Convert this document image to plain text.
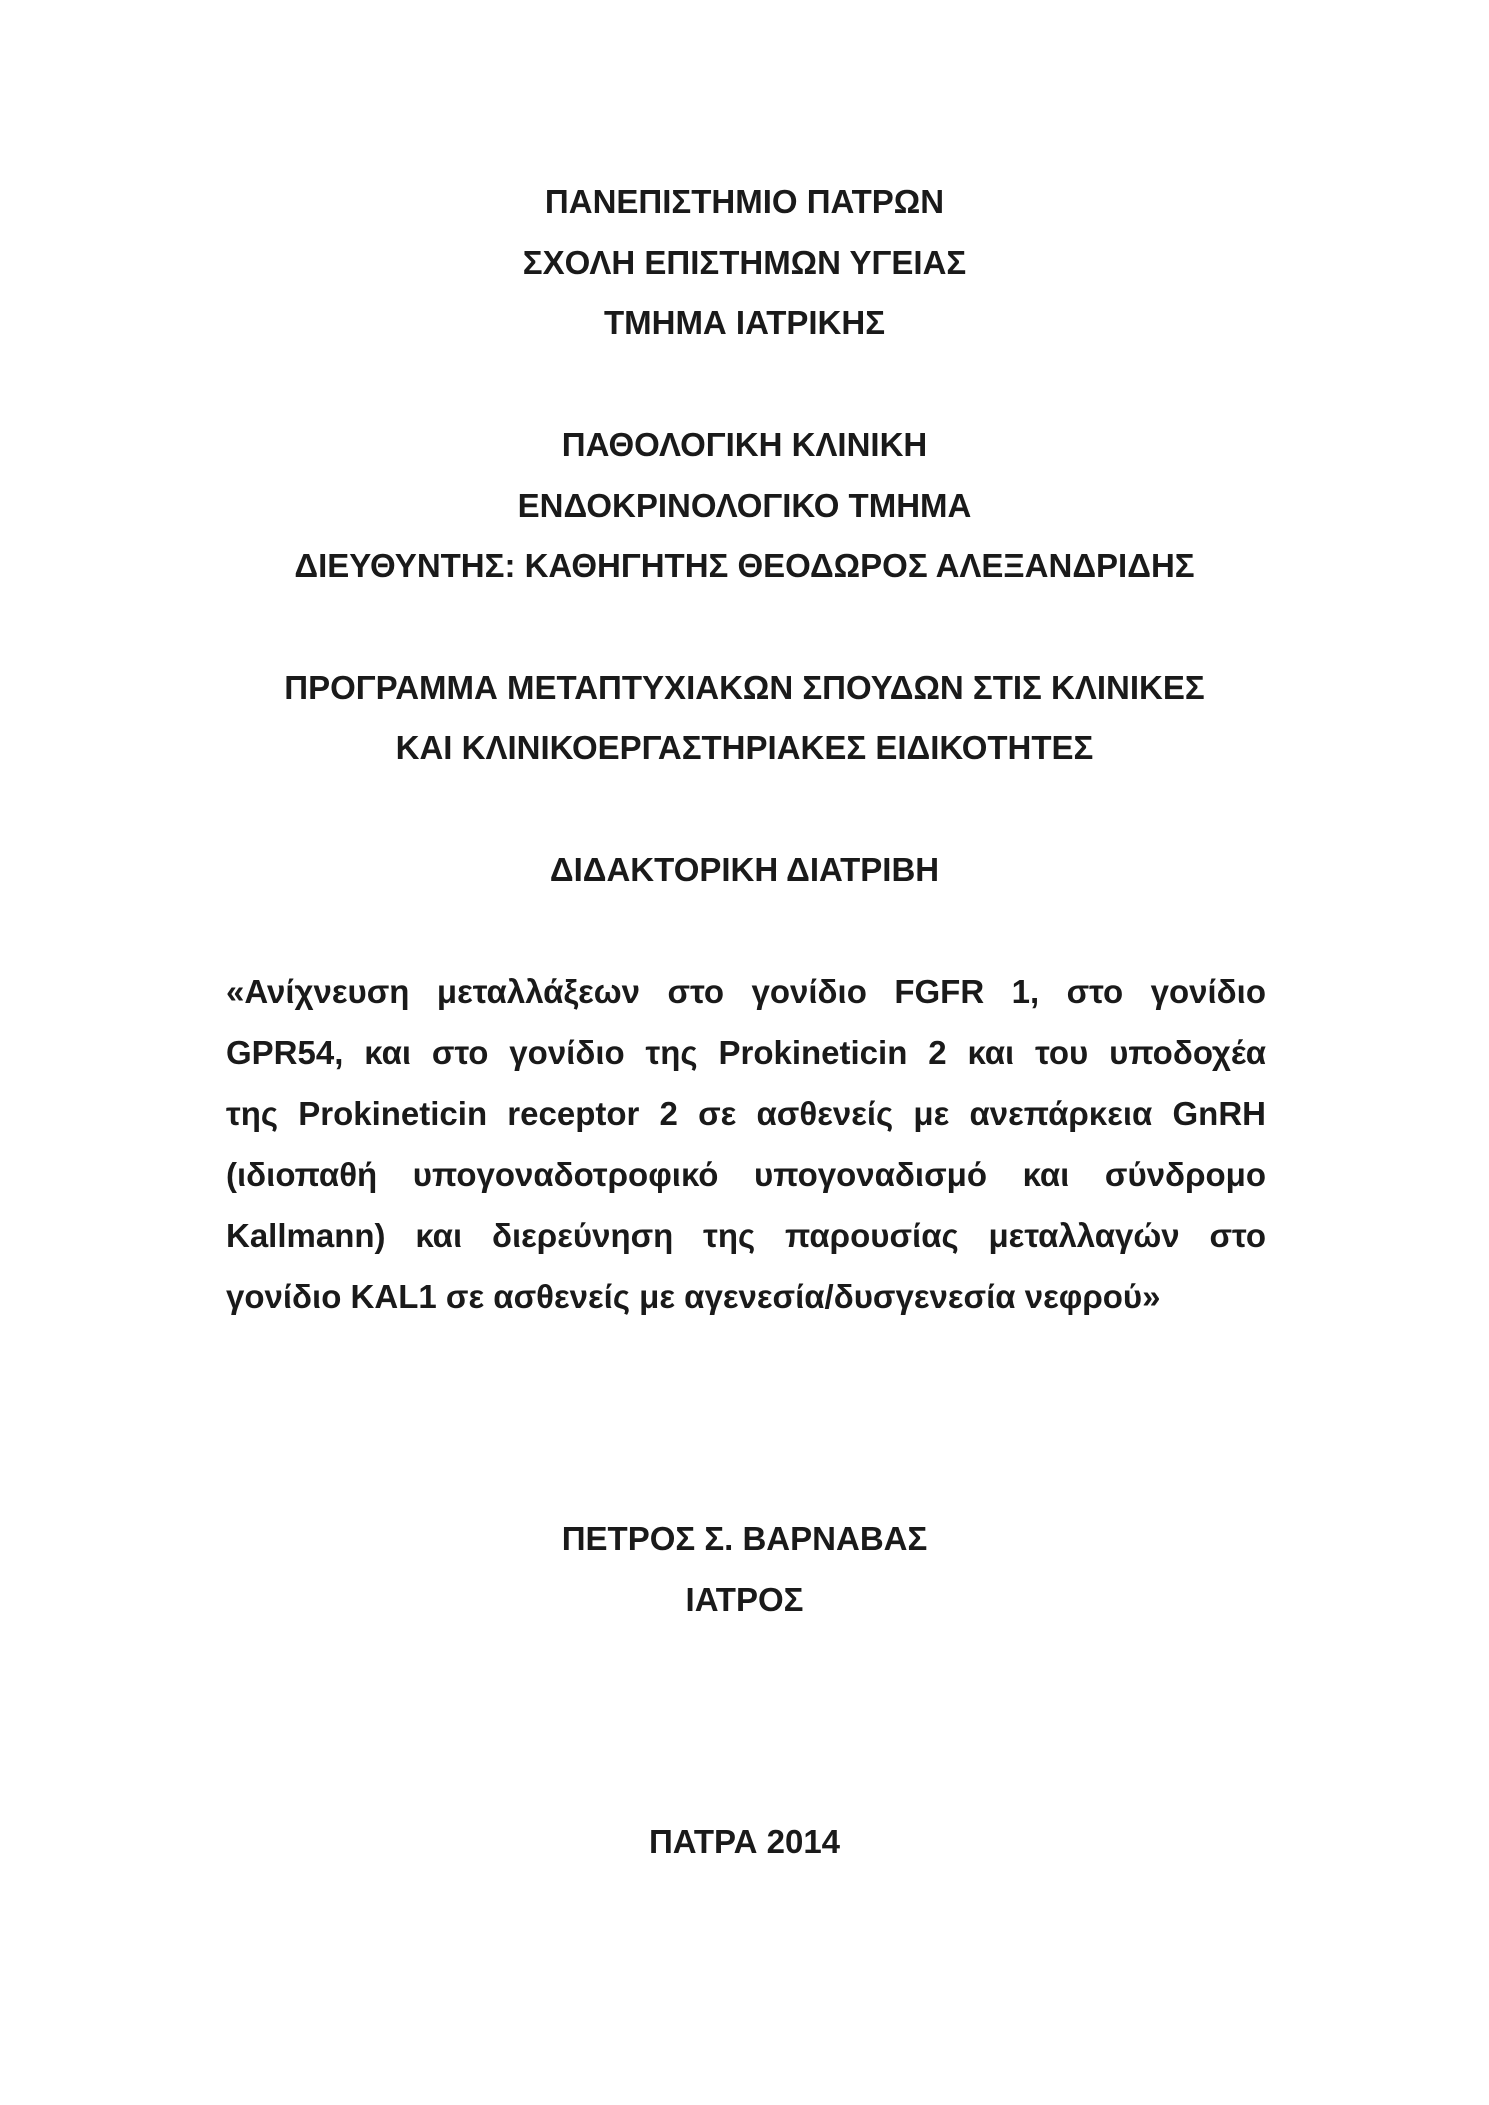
ΠΑΝΕΠΙΣΤΗΜΙΟ ΠΑΤΡΩΝ
ΣΧΟΛΗ ΕΠΙΣΤΗΜΩΝ ΥΓΕΙΑΣ
ΤΜΗΜΑ ΙΑΤΡΙΚΗΣ
ΠΑΘΟΛΟΓΙΚΗ ΚΛΙΝΙΚΗ
ΕΝΔΟΚΡΙΝΟΛΟΓΙΚΟ ΤΜΗΜΑ
ΔΙΕΥΘΥΝΤΗΣ: ΚΑΘΗΓΗΤΗΣ ΘΕΟΔΩΡΟΣ ΑΛΕΞΑΝΔΡΙΔΗΣ
ΠΡΟΓΡΑΜΜΑ ΜΕΤΑΠΤΥΧΙΑΚΩΝ ΣΠΟΥΔΩΝ ΣΤΙΣ ΚΛΙΝΙΚΕΣ
ΚΑΙ ΚΛΙΝΙΚΟΕΡΓΑΣΤΗΡΙΑΚΕΣ ΕΙΔΙΚΟΤΗΤΕΣ
ΔΙΔΑΚΤΟΡΙΚΗ ΔΙΑΤΡΙΒΗ
«Ανίχνευση μεταλλάξεων στο γονίδιο FGFR 1, στο γονίδιο
GPR54, και στο γονίδιο της Prokineticin 2 και του υποδοχέα
της Prokineticin receptor 2 σε ασθενείς με ανεπάρκεια GnRH
(ιδιοπαθή υπογοναδοτροφικό υπογοναδισμό και σύνδρομο
Kallmann) και διερεύνηση της παρουσίας μεταλλαγών στο
γονίδιο KAL1 σε ασθενείς με αγενεσία/δυσγενεσία νεφρού»
ΠΕΤΡΟΣ Σ. ΒΑΡΝΑΒΑΣ
ΙΑΤΡΟΣ
ΠΑΤΡΑ 2014
